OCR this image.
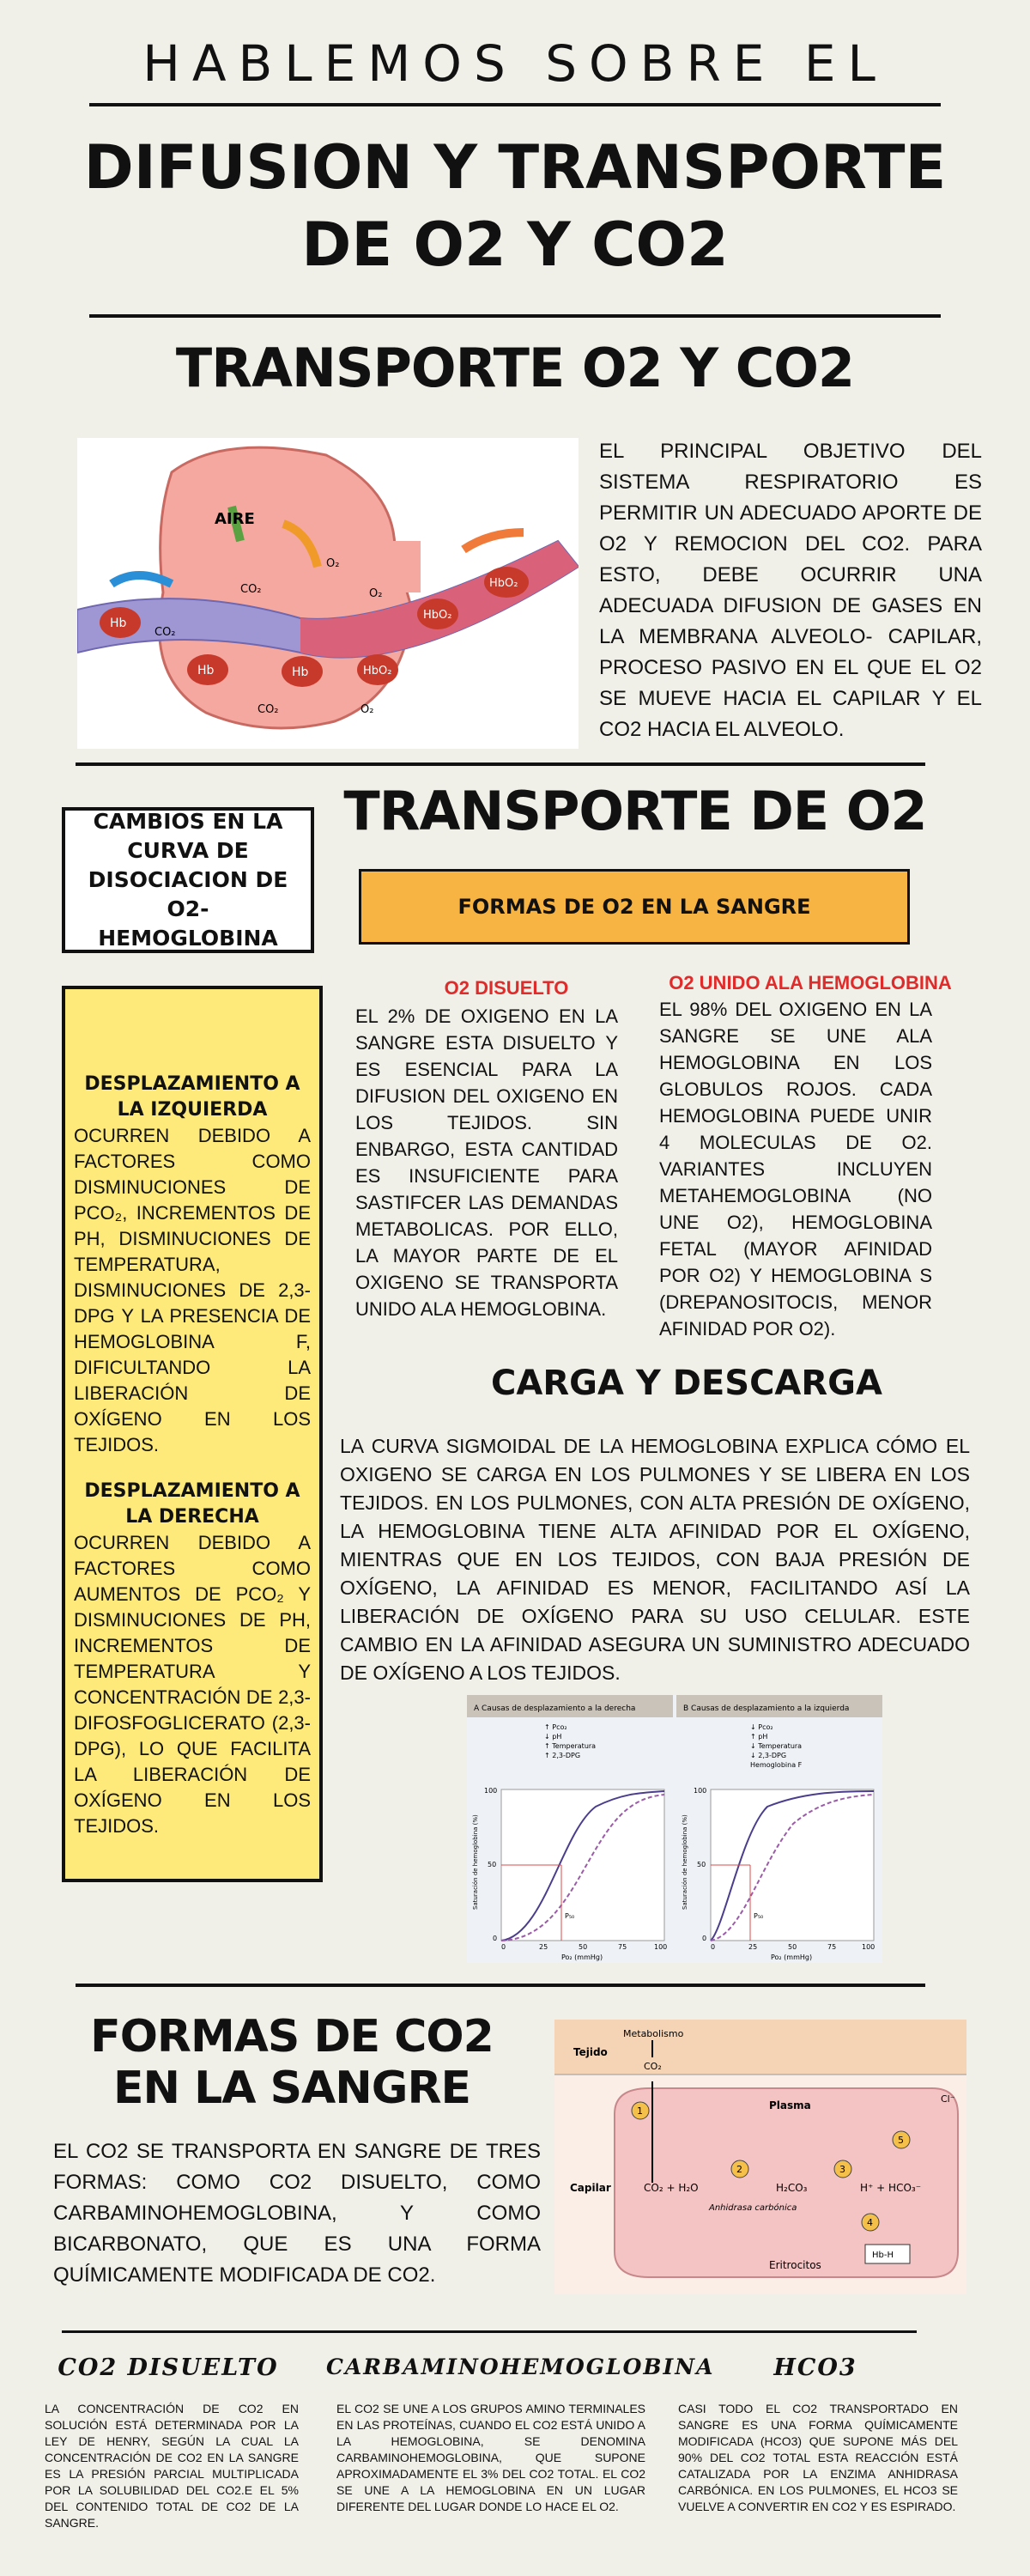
HABLEMOS SOBRE EL
DIFUSION Y TRANSPORTE
DE O2 Y CO2
TRANSPORTE O2 Y CO2
AIRE
Hb
Hb	Hb	HbO₂
HbO₂
HbO₂
CO₂
CO₂
CO₂
O₂
O₂
O₂
EL PRINCIPAL OBJETIVO DEL SISTEMA RESPIRATORIO ES PERMITIR UN ADECUADO APORTE DE O2 Y REMOCION DEL CO2. PARA ESTO, DEBE OCURRIR UNA ADECUADA DIFUSION DE GASES EN LA MEMBRANA ALVEOLO- CAPILAR, PROCESO PASIVO EN EL QUE EL O2 SE MUEVE HACIA EL CAPILAR Y EL CO2 HACIA EL ALVEOLO.
TRANSPORTE DE O2
CAMBIOS EN LA CURVA DE DISOCIACION DE O2-HEMOGLOBINA
FORMAS DE O2 EN LA SANGRE
DESPLAZAMIENTO A LA IZQUIERDA
OCURREN DEBIDO A FACTORES COMO DISMINUCIONES DE PCO₂, INCREMENTOS DE PH, DISMINUCIONES DE TEMPERATURA, DISMINUCIONES DE 2,3-DPG Y LA PRESENCIA DE HEMOGLOBINA F, DIFICULTANDO LA LIBERACIÓN DE OXÍGENO EN LOS TEJIDOS.
DESPLAZAMIENTO A LA DERECHA
OCURREN DEBIDO A FACTORES COMO AUMENTOS DE PCO₂ Y DISMINUCIONES DE PH, INCREMENTOS DE TEMPERATURA Y CONCENTRACIÓN DE 2,3-DIFOSFOGLICERATO (2,3-DPG), LO QUE FACILITA LA LIBERACIÓN DE OXÍGENO EN LOS TEJIDOS.
O2 DISUELTO
EL 2% DE OXIGENO EN LA SANGRE ESTA DISUELTO Y ES ESENCIAL PARA LA DIFUSION DEL OXIGENO EN LOS TEJIDOS. SIN ENBARGO, ESTA CANTIDAD ES INSUFICIENTE PARA SASTIFCER LAS DEMANDAS METABOLICAS. POR ELLO, LA MAYOR PARTE DE EL OXIGENO SE TRANSPORTA UNIDO ALA HEMOGLOBINA.
O2 UNIDO ALA HEMOGLOBINA
EL 98% DEL OXIGENO EN LA SANGRE SE UNE ALA HEMOGLOBINA EN LOS GLOBULOS ROJOS. CADA HEMOGLOBINA PUEDE UNIR 4 MOLECULAS DE O2. VARIANTES INCLUYEN METAHEMOGLOBINA (NO UNE O2), HEMOGLOBINA FETAL (MAYOR AFINIDAD POR O2) Y HEMOGLOBINA S (DREPANOSITOCIS, MENOR AFINIDAD POR O2).
CARGA Y DESCARGA
LA CURVA SIGMOIDAL DE LA HEMOGLOBINA EXPLICA CÓMO EL OXIGENO SE CARGA EN LOS PULMONES Y SE LIBERA EN LOS TEJIDOS. EN LOS PULMONES, CON ALTA PRESIÓN DE OXÍGENO, LA HEMOGLOBINA TIENE ALTA AFINIDAD POR EL OXÍGENO, MIENTRAS QUE EN LOS TEJIDOS, CON BAJA PRESIÓN DE OXÍGENO, LA AFINIDAD ES MENOR, FACILITANDO ASÍ LA LIBERACIÓN DE OXÍGENO PARA SU USO CELULAR. ESTE CAMBIO EN LA AFINIDAD ASEGURA UN SUMINISTRO ADECUADO DE OXÍGENO A LOS TEJIDOS.
A Causas de desplazamiento a la derecha	B Causas de desplazamiento a la izquierda
↑ Pco₂
↓ pH
↑ Temperatura
↑ 2,3-DPG
↓ Pco₂
↑ pH
↓ Temperatura
↓ 2,3-DPG
Hemoglobina F
P₅₀	P₅₀
100
50
0
100
50
0
0	25	50	75	100	0	25	50	75	100
Po₂ (mmHg)	Po₂ (mmHg)
Saturación de hemoglobina (%)	Saturación de hemoglobina (%)
FORMAS DE CO2
EN LA SANGRE
EL CO2 SE TRANSPORTA EN SANGRE DE TRES FORMAS: COMO CO2 DISUELTO, COMO CARBAMINOHEMOGLOBINA, Y COMO BICARBONATO, QUE ES UNA FORMA QUÍMICAMENTE MODIFICADA DE CO2.
Tejido
Capilar
Metabolismo
CO₂
Plasma
Eritrocitos
CO₂ + H₂O	H₂CO₃	H⁺ + HCO₃⁻
Anhidrasa carbónica
Cl⁻
Hb-H
1
2	3
4
5
CO2 DISUELTO
LA CONCENTRACIÓN DE CO2 EN SOLUCIÓN ESTÁ DETERMINADA POR LA LEY DE HENRY, SEGÚN LA CUAL LA CONCENTRACIÓN DE CO2 EN LA SANGRE ES LA PRESIÓN PARCIAL MULTIPLICADA POR LA SOLUBILIDAD DEL CO2.E EL 5% DEL CONTENIDO TOTAL DE CO2 DE LA SANGRE.
CARBAMINOHEMOGLOBINA
EL CO2 SE UNE A LOS GRUPOS AMINO TERMINALES EN LAS PROTEÍNAS, CUANDO EL CO2 ESTÁ UNIDO A LA HEMOGLOBINA, SE DENOMINA CARBAMINOHEMOGLOBINA, QUE SUPONE APROXIMADAMENTE EL 3% DEL CO2 TOTAL. EL CO2 SE UNE A LA HEMOGLOBINA EN UN LUGAR DIFERENTE DEL LUGAR DONDE LO HACE EL O2.
HCO3
CASI TODO EL CO2 TRANSPORTADO EN SANGRE ES UNA FORMA QUÍMICAMENTE MODIFICADA (HCO3) QUE SUPONE MÁS DEL 90% DEL CO2 TOTAL ESTA REACCIÓN ESTÁ CATALIZADA POR LA ENZIMA ANHIDRASA CARBÓNICA. EN LOS PULMONES, EL HCO3 SE VUELVE A CONVERTIR EN CO2 Y ES ESPIRADO.
